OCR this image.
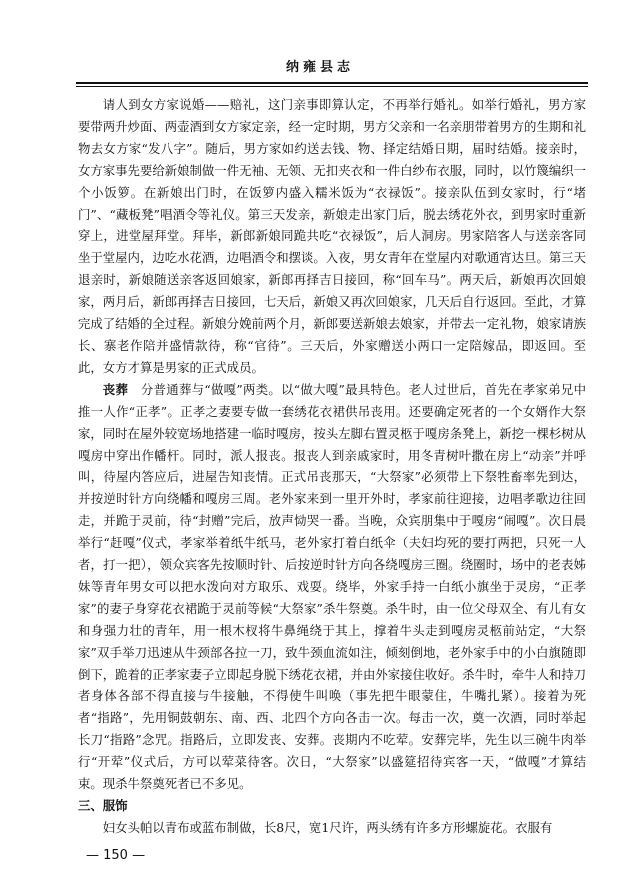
纳雍县志

请人到女方家说婚——赔礼，这门亲事即算认定，不再举行婚礼。如举行婚礼，男方家要带两升炒面、两壶酒到女方家定亲，经一定时期，男方父亲和一名亲朋带着男方的生期和礼物去女方家“发八字”。随后，男方家如约送去钱、物、择定结婚日期，届时结婚。接亲时，女方家事先要给新娘制做一件无袖、无领、无扣夹衣和一件白纱布衣服，同时，以竹篾编织一个小饭箩。在新娘出门时，在饭箩内盛入糯米饭为“衣禄饭”。接亲队伍到女家时，行“堵门”、“藏板凳”唱酒令等礼仪。第三天发亲，新娘走出家门后，脱去绣花外衣，到男家时重新穿上，进堂屋拜堂。拜毕，新郎新娘同跪共吃“衣禄饭”，后人洞房。男家陪客人与送亲客同坐于堂屋内，边吃水花酒，边唱酒令和摆谈。入夜，男女青年在堂屋内对歌通宵达旦。第三天退亲时，新娘随送亲客返回娘家，新郎再择吉日接回，称“回车马”。两天后，新娘再次回娘家，两月后，新郎再择吉日接回，七天后，新娘又再次回娘家，几天后自行返回。至此，才算完成了结婚的全过程。新娘分娩前两个月，新郎要送新娘去娘家，并带去一定礼物，娘家请族长、寨老作陪并盛情款待，称“官待”。三天后，外家赠送小两口一定陪嫁品，即返回。至此，女方才算是男家的正式成员。

丧葬　分普通葬与“做嘎”两类。以“做大嘎”最具特色。老人过世后，首先在孝家弟兄中推一人作“正孝”。正孝之妻要专做一套绣花衣裙供吊丧用。还要确定死者的一个女婿作大祭家，同时在屋外较宽场地搭建一临时嘎房，按头左脚右置灵柩于嘎房条凳上，新挖一棵杉树从嘎房中穿出作幡杆。同时，派人报丧。报丧人到亲戚家时，用冬青树叶撒在房上“动亲”并呼叫，待屋内答应后，进屋告知丧情。正式吊丧那天，“大祭家”必须带上下祭牲畜率先到达，并按逆时针方向绕幡和嘎房三周。老外家来到一里开外时，孝家前往迎接，边唱孝歌边往回走，并跪于灵前，待“封赠”完后，放声恸哭一番。当晚，众宾朋集中于嘎房“闹嘎”。次日晨举行“赶嘎”仪式，孝家举着纸牛纸马，老外家打着白纸伞（夫妇均死的要打两把，只死一人者，打一把），领众宾客先按顺时针、后按逆时针方向各绕嘎房三圈。绕圈时，场中的老表姊妹等青年男女可以把水泼向对方取乐、戏耍。绕毕，外家手持一白纸小旗坐于灵房，“正孝家”的妻子身穿花衣裙跪于灵前等候“大祭家”杀牛祭奠。杀牛时，由一位父母双全、有儿有女和身强力壮的青年，用一根木杈将牛鼻绳绕于其上，撑着牛头走到嘎房灵柩前站定，“大祭家”双手举刀迅速从牛颈部各拉一刀，致牛颈血流如注，倾刻倒地，老外家手中的小白旗随即倒下，跪着的正孝家妻子立即起身脱下绣花衣裙，并由外家接住收好。杀牛时，牵牛人和持刀者身体各部不得直接与牛接触，不得使牛叫唤（事先把牛眼蒙住，牛嘴扎紧）。接着为死者“指路”，先用铜鼓朝东、南、西、北四个方向各击一次。每击一次，奠一次酒，同时举起长刀“指路”念咒。指路后，立即发丧、安葬。丧期内不吃荤。安葬完毕，先生以三碗牛肉举行“开荤”仪式后，方可以荤菜待客。次日，“大祭家”以盛筵招待宾客一天，“做嘎”才算结束。现杀牛祭奠死者已不多见。

三、服饰

妇女头帕以青布或蓝布制做，长8尺，宽1尺许，两头绣有许多方形螺旋花。衣服有

— 150 —
